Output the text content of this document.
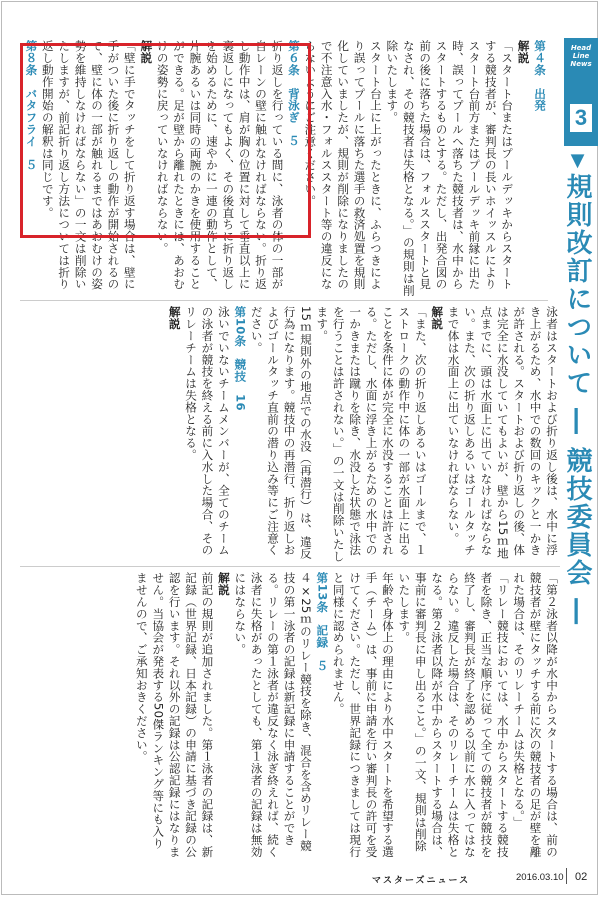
Head Line News
3
▼規則改訂について ― 競技委員会 ―
第４条　出発
解説
「スタート台またはプールデッキからスタートする競技者が、審判長の長いホイッスルによりスタート台前方またはプールデッキ前縁に出た時、誤ってプールへ落ちた競技者は、水中からスタートするものとする。ただし、出発合図の前の後に落ちた場合は、フォルススタートと見なされ、その競技者は失格となる。」の規則は削除いたします。
スタート台上に上がったときに、ふらつきにより誤ってプールに落ちた選手の救済処置を規則化していましたが、規則が削除になりましたので不注意入水・フォルススタート等の違反にならないようにご注意ください。
第６条　背泳ぎ　５
折り返しを行っている間に、泳者の体の一部が自レーンの壁に触れなければならない。折り返し動作中は、肩が胸の位置に対して垂直以上に裏返しになってもよく、その後直ちに折り返しを始めるために、速やかに一連の動作として、片腕あるいは同時の両腕のかきを使用することができる。足が壁から離れたときには、あおむけの姿勢に戻っていなければならない。
解説
「壁に手でタッチをして折り返す場合は、壁に手がついた後に折り返しの動作が開始されるので、壁に体の一部が触れるまではあおむけの姿勢を維持しなければならない」の一文は削除いたしますが、前記折り返し方法については折り返し動作開始の解釈は同じです。
第８条　バタフライ　５

泳者はスタートおよび折り返し後は、水中に浮き上がるため、水中での数回のキックと一かきが許される。スタートおよび折り返しの後、体は完全に水没していてもよいが、壁から15ｍ地点までに、頭は水面上に出ていなければならない。また、次の折り返しあるいはゴールタッチまで体は水面上に出ていなければならない。
解説
「また、次の折り返しあるいはゴールまで、１ストロークの動作中に体の一部が水面上に出ることを条件に体が完全に水没することは許される。ただし、水面に浮き上がるための水中での一かきまたは蹴りを除き、水没した状態で泳法を行うことは許されない。」の一文は削除いたします。
15ｍ規則外の地点での水没（再潜行）は、違反行為になります。競技中の再潜行、折り返しおよびゴールタッチ直前の潜り込み等にご注意ください。
第10条　競技　16
泳いでいないチームメンバーが、全てのチームの泳者が競技を終える前に入水した場合、そのリレーチームは失格となる。
解説

「第２泳者以降が水中からスタートする場合は、前の競技者が壁にタッチする前に次の競技者の足が壁を離れた場合は、そのリレーチームは失格となる。」
「リレー競技においては、水中からスタートする競技者を除き、正当な順序に従って全ての競技者が競技を終了し、審判長が終了を認める以前に水に入ってはならない。違反した場合は、そのリレーチームは失格となる。第２泳者以降が水中からスタートする場合は、事前に審判長に申し出ること。」の一文、規則は削除いたします。
年齢や身体上の理由により水中スタートを希望する選手（チーム）は、事前に申請を行い審判長の許可を受けてください。ただし、世界記録につきましては現行と同様に認められません。
第13条　記録　５
４×25ｍのリレー競技を除き、混合を含めリレー競技の第一泳者の記録は新記録に申請することができる。リレーの第１泳者が違反なく泳ぎ終えれば、続く泳者に失格があったとしても、第１泳者の記録は無効にはならない。
解説
前記の規則が追加されました。第１泳者の記録は、新記録（世界記録、日本記録）の申請に基づき記録の公認を行います。それ以外の記録は公認記録にはなりません。当協会が発表する50傑ランキング等にも入りませんので、ご承知おきください。
マスターズニュース	2016.03.10 02
